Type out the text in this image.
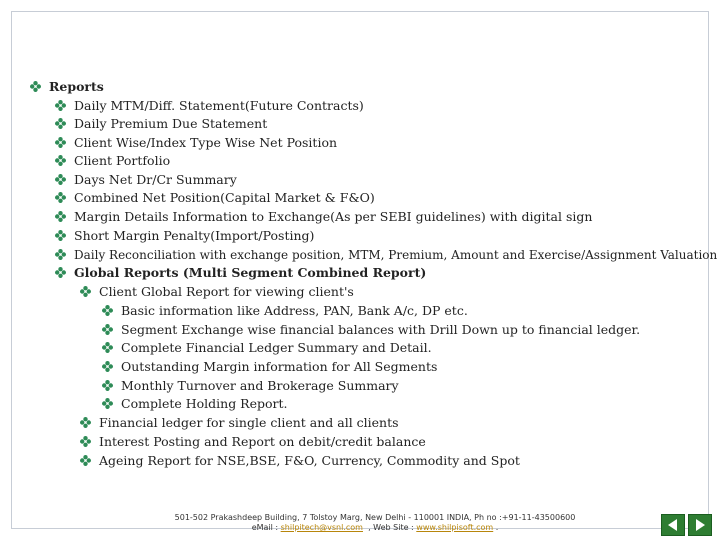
Reports
Daily MTM/Diff. Statement(Future Contracts)
Daily Premium Due Statement
Client Wise/Index Type Wise Net Position
Client Portfolio
Days Net Dr/Cr Summary
Combined Net Position(Capital Market & F&O)
Margin Details Information to Exchange(As per SEBI guidelines) with digital sign
Short Margin Penalty(Import/Posting)
Daily Reconciliation with exchange position, MTM, Premium, Amount and Exercise/Assignment Valuation
Global Reports (Multi Segment Combined Report)
Client Global Report for viewing client's
Basic information like Address, PAN, Bank A/c, DP etc.
Segment Exchange wise financial balances with Drill Down up to financial ledger.
Complete Financial Ledger Summary and Detail.
Outstanding Margin information for All Segments
Monthly Turnover and Brokerage Summary
Complete Holding Report.
Financial ledger for single client and all clients
Interest Posting and Report on debit/credit balance
Ageing Report for NSE,BSE, F&O, Currency, Commodity and Spot
501-502 Prakashdeep Building, 7 Tolstoy Marg, New Delhi - 110001 INDIA, Ph no :+91-11-43500600
eMail : shilpitech@vsnl.com  , Web Site : www.shilpisoft.com .
